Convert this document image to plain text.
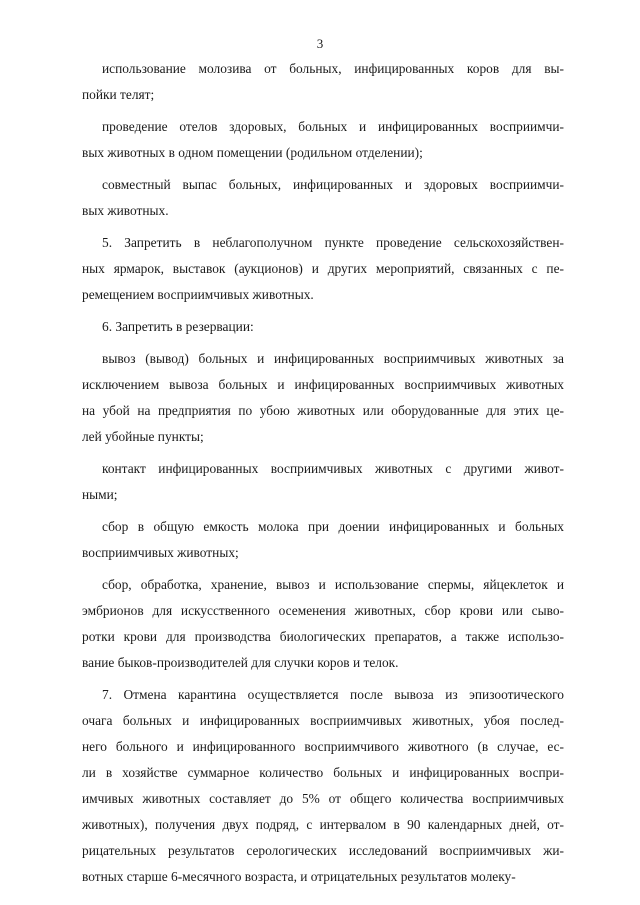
3
использование молозива от больных, инфицированных коров для вы-
пойки телят;
проведение отелов здоровых, больных и инфицированных восприимчи-
вых животных в одном помещении (родильном отделении);
совместный выпас больных, инфицированных и здоровых восприимчи-
вых животных.
5. Запретить в неблагополучном пункте проведение сельскохозяйствен-
ных ярмарок, выставок (аукционов) и других мероприятий, связанных с пе-
ремещением восприимчивых животных.
6. Запретить в резервации:
вывоз (вывод) больных и инфицированных восприимчивых животных за
исключением вывоза больных и инфицированных восприимчивых животных
на убой на предприятия по убою животных или оборудованные для этих це-
лей убойные пункты;
контакт инфицированных восприимчивых животных с другими живот-
ными;
сбор в общую емкость молока при доении инфицированных и больных
восприимчивых животных;
сбор, обработка, хранение, вывоз и использование спермы, яйцеклеток и
эмбрионов для искусственного осеменения животных, сбор крови или сыво-
ротки крови для производства биологических препаратов, а также использо-
вание быков-производителей для случки коров и телок.
7. Отмена карантина осуществляется после вывоза из эпизоотического
очага больных и инфицированных восприимчивых животных, убоя послед-
него больного и инфицированного восприимчивого животного (в случае, ес-
ли в хозяйстве суммарное количество больных и инфицированных воспри-
имчивых животных составляет до 5% от общего количества восприимчивых
животных), получения двух подряд, с интервалом в 90 календарных дней, от-
рицательных результатов серологических исследований восприимчивых жи-
вотных старше 6-месячного возраста, и отрицательных результатов молеку-
